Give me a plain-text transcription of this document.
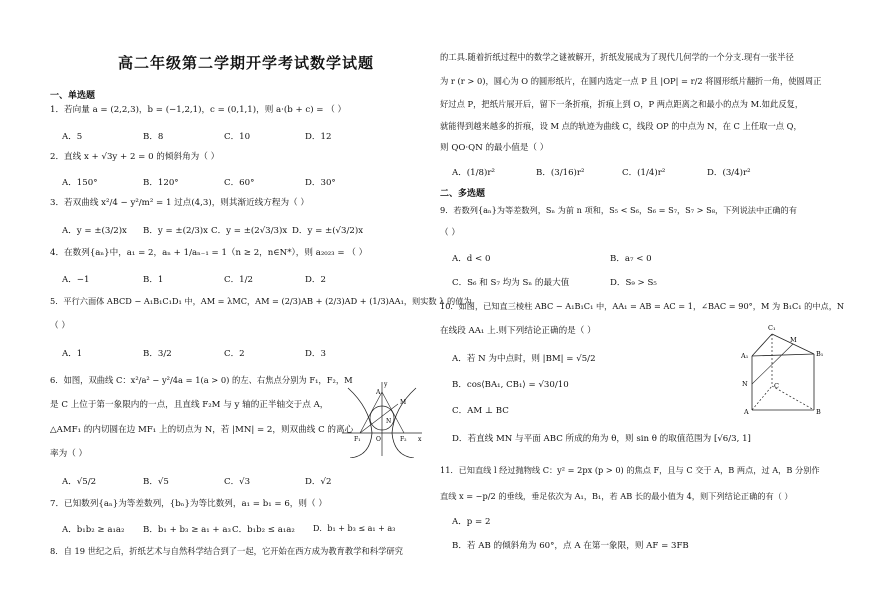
高二年级第二学期开学考试数学试题
一、单选题
1．若向量 a = (2,2,3)，b = (−1,2,1)，c = (0,1,1)，则 a·(b + c) = （ ）
A．5	B．8	C．10	D．12
2．直线 x + √3y + 2 = 0 的倾斜角为（ ）
A．150°	B．120°	C．60°	D．30°
3．若双曲线 x²/4 − y²/m² = 1 过点(4,3)，则其渐近线方程为（ ）
A．y = ±(3/2)x B．y = ±(2/3)x C．y = ±(2√3/3)x D．y = ±(√3/2)x
4．在数列{aₙ}中，a₁ = 2，aₙ + 1/aₙ₋₁ = 1（n ≥ 2，n∈N*），则 a₂₀₂₃ = （ ）
A．−1	B．1	C．1/2	D．2
5．平行六面体 ABCD − A₁B₁C₁D₁ 中，AM = λMC，AM = (2/3)AB + (2/3)AD + (1/3)AA₁，则实数 λ 的值为
（ ）
A．1	B．3/2	C．2	D．3
6．如图，双曲线 C：x²/a² − y²/4a = 1(a > 0) 的左、右焦点分别为 F₁，F₂，M
是 C 上位于第一象限内的一点，且直线 F₂M 与 y 轴的正半轴交于点 A，
△AMF₁ 的内切圆在边 MF₁ 上的切点为 N，若 |MN| = 2，则双曲线 C 的离心
率为（ ）
A．√5/2	B．√5	C．√3	D．√2
y
M
A
N
F₁	O	F₂ x
7．已知数列{aₙ}为等差数列，{bₙ}为等比数列，a₁ = b₁ = 6，则（ ）
A．b₁b₂ ≥ a₁a₂ B．b₁ + b₃ ≥ a₁ + a₃ C．b₁b₂ ≤ a₁a₂ D．b₁ + b₃ ≤ a₁ + a₃
8．自 19 世纪之后，折纸艺术与自然科学结合到了一起，它开始在西方成为教育教学和科学研究
的工具.随着折纸过程中的数学之谜被解开，折纸发展成为了现代几何学的一个分支.现有一张半径
为 r (r > 0)，圆心为 O 的圆形纸片，在圆内选定一点 P 且 |OP| = r/2 将圆形纸片翻折一角，使圆周正
好过点 P，把纸片展开后，留下一条折痕，折痕上到 O，P 两点距离之和最小的点为 M.如此反复，
就能得到越来越多的折痕，设 M 点的轨迹为曲线 C，线段 OP 的中点为 N，在 C 上任取一点 Q，
则 QO·QN 的最小值是（ ）
A．(1/8)r²	B．(3/16)r²	C．(1/4)r²	D．(3/4)r²
二、多选题
9．若数列{aₙ}为等差数列，Sₙ 为前 n 项和，S₅ < S₆，S₆ = S₇，S₇ > S₈，下列说法中正确的有
（ ）
A．d < 0	B．a₇ < 0
C．S₆ 和 S₇ 均为 Sₙ 的最大值	D．S₉ > S₅
10．如图，已知直三棱柱 ABC − A₁B₁C₁ 中，AA₁ = AB = AC = 1，∠BAC = 90°，M 为 B₁C₁ 的中点，N
在线段 AA₁ 上.则下列结论正确的是（ ）
A．若 N 为中点时，则 |BM| = √5/2
B．cos⟨BA₁, CB₁⟩ = √30/10
C．AM ⊥ BC
D．若直线 MN 与平面 ABC 所成的角为 θ，则 sin θ 的取值范围为 [√6/3, 1]
C₁
M
A₁	B₁
N	C
A	B
11．已知直线 l 经过抛物线 C：y² = 2px (p > 0) 的焦点 F，且与 C 交于 A，B 两点，过 A，B 分别作
直线 x = −p/2 的垂线，垂足依次为 A₁，B₁，若 AB 长的最小值为 4，则下列结论正确的有（ ）
A．p = 2
B．若 AB 的倾斜角为 60°，点 A 在第一象限，则 AF = 3FB
